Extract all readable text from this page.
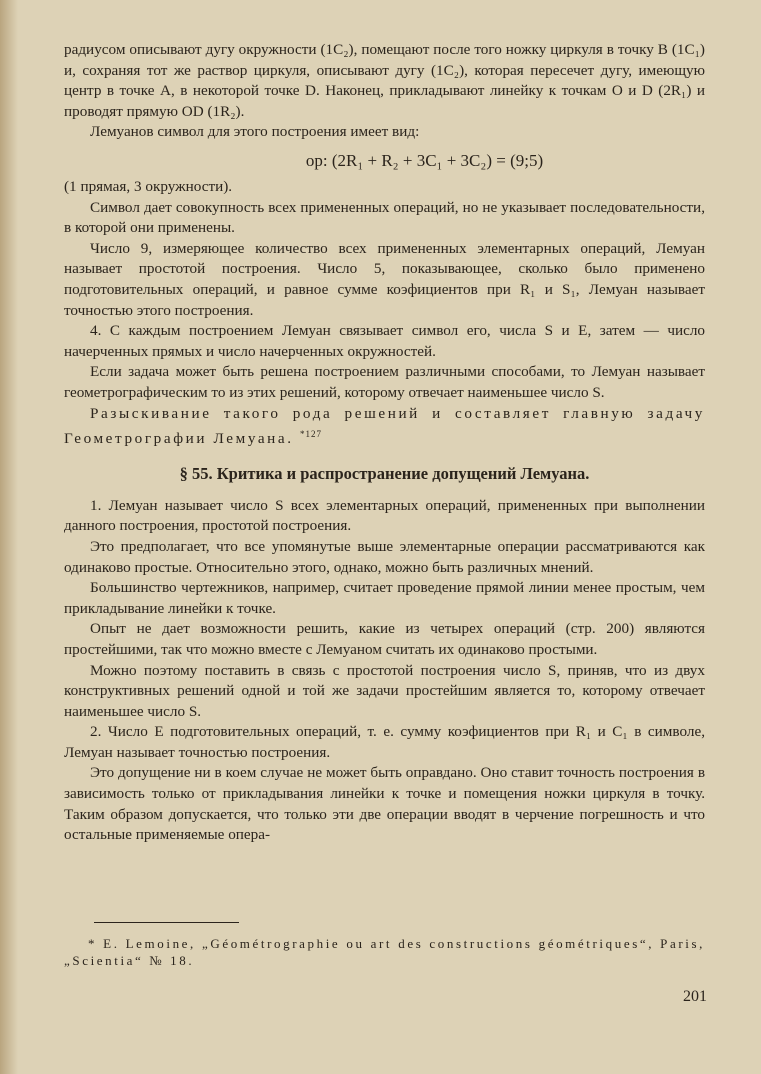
радиусом описывают дугу окружности (1C₂), помещают после того ножку циркуля в точку B (1C₁) и, сохраняя тот же раствор циркуля, описывают дугу (1C₂), которая пересечет дугу, имеющую центр в точке A, в некоторой точке D. Наконец, прикладывают линейку к точкам O и D (2R₁) и проводят прямую OD (1R₂).

Лемуанов символ для этого построения имеет вид:

ор: (2R₁ + R₂ + 3C₁ + 3C₂) = (9;5)

(1 прямая, 3 окружности).

Символ дает совокупность всех примененных операций, но не указывает последовательности, в которой они применены.

Число 9, измеряющее количество всех примененных элементарных операций, Лемуан называет простотой построения. Число 5, показывающее, сколько было применено подготовительных операций, и равное сумме коэфициентов при R₁ и S₁, Лемуан называет точностью этого построения.

4. С каждым построением Лемуан связывает символ его, числа S и E, затем — число начерченных прямых и число начерченных окружностей.

Если задача может быть решена построением различными способами, то Лемуан называет геометрографическим то из этих решений, которому отвечает наименьшее число S.

Разыскивание такого рода решений и составляет главную задачу Геометрографии Лемуана. $^{*127}$

§ 55. Критика и распространение допущений Лемуана.

1. Лемуан называет число S всех элементарных операций, примененных при выполнении данного построения, простотой построения.

Это предполагает, что все упомянутые выше элементарные операции рассматриваются как одинаково простые. Относительно этого, однако, можно быть различных мнений.

Большинство чертежников, например, считает проведение прямой линии менее простым, чем прикладывание линейки к точке.

Опыт не дает возможности решить, какие из четырех операций (стр. 200) являются простейшими, так что можно вместе с Лемуаном считать их одинаково простыми.

Можно поэтому поставить в связь с простотой построения число S, приняв, что из двух конструктивных решений одной и той же задачи простейшим является то, которому отвечает наименьшее число S.

2. Число E подготовительных операций, т. е. сумму коэфициентов при R₁ и C₁ в символе, Лемуан называет точностью построения.

Это допущение ни в коем случае не может быть оправдано. Оно ставит точность построения в зависимость только от прикладывания линейки к точке и помещения ножки циркуля в точку. Таким образом допускается, что только эти две операции вводят в черчение погрешность и что остальные применяемые опера-

* E. Lemoine, „Géométrographie ou art des constructions géométriques“, Paris, „Scientia“ № 18.

201
